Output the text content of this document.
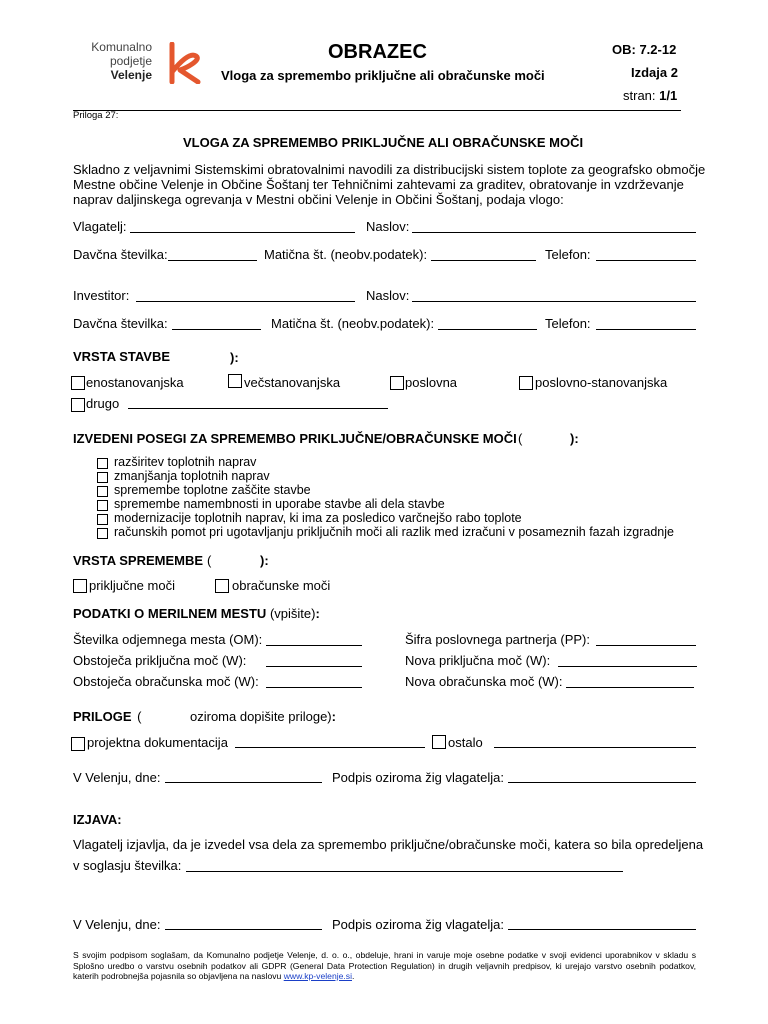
Komunalno
podjetje
Velenje
OBRAZEC
Vloga za spremembo priključne ali obračunske moči
OB: 7.2-12
Izdaja 2
stran: 1/1
Priloga 27:
VLOGA ZA SPREMEMBO PRIKLJUČNE ALI OBRAČUNSKE MOČI
Skladno z veljavnimi Sistemskimi obratovalnimi navodili za distribucijski sistem toplote za geografsko območje
Mestne občine Velenje in Občine Šoštanj ter Tehničnimi zahtevami za graditev, obratovanje in vzdrževanje
naprav daljinskega ogrevanja v Mestni občini Velenje in Občini Šoštanj, podaja vlogo:
Vlagatelj:	Naslov:
Davčna številka:	Matična št. (neobv.podatek):	Telefon:
Investitor:	Naslov:
Davčna številka:	Matična št. (neobv.podatek):	Telefon:
VRSTA STAVBE	):
enostanovanjska	večstanovanjska	poslovna	poslovno-stanovanjska
drugo
IZVEDENI POSEGI ZA SPREMEMBO PRIKLJUČNE/OBRAČUNSKE MOČI (	):
razširitev toplotnih naprav
zmanjšanja toplotnih naprav
spremembe toplotne zaščite stavbe
spremembe namembnosti in uporabe stavbe ali dela stavbe
modernizacije toplotnih naprav, ki ima za posledico varčnejšo rabo toplote
računskih pomot pri ugotavljanju priključnih moči ali razlik med izračuni v posameznih fazah izgradnje
VRSTA SPREMEMBE (	):
priključne moči	obračunske moči
PODATKI O MERILNEM MESTU (vpišite):
Številka odjemnega mesta (OM):	Šifra poslovnega partnerja (PP):
Obstoječa priključna moč (W):	Nova priključna moč (W):
Obstoječa obračunska moč (W):	Nova obračunska moč (W):
PRILOGE (	oziroma dopišite priloge):
projektna dokumentacija	ostalo
V Velenju, dne:	Podpis oziroma žig vlagatelja:
IZJAVA:
Vlagatelj izjavlja, da je izvedel vsa dela za spremembo priključne/obračunske moči, katera so bila opredeljena
v soglasju številka:
V Velenju, dne:	Podpis oziroma žig vlagatelja:
S svojim podpisom soglašam, da Komunalno podjetje Velenje, d. o. o., obdeluje, hrani in varuje moje osebne podatke v svoji evidenci uporabnikov v skladu s Splošno uredbo o varstvu osebnih podatkov ali GDPR (General Data Protection Regulation) in drugih veljavnih predpisov, ki urejajo varstvo osebnih podatkov, katerih podrobnejša pojasnila so objavljena na naslovu www.kp-velenje.si.
